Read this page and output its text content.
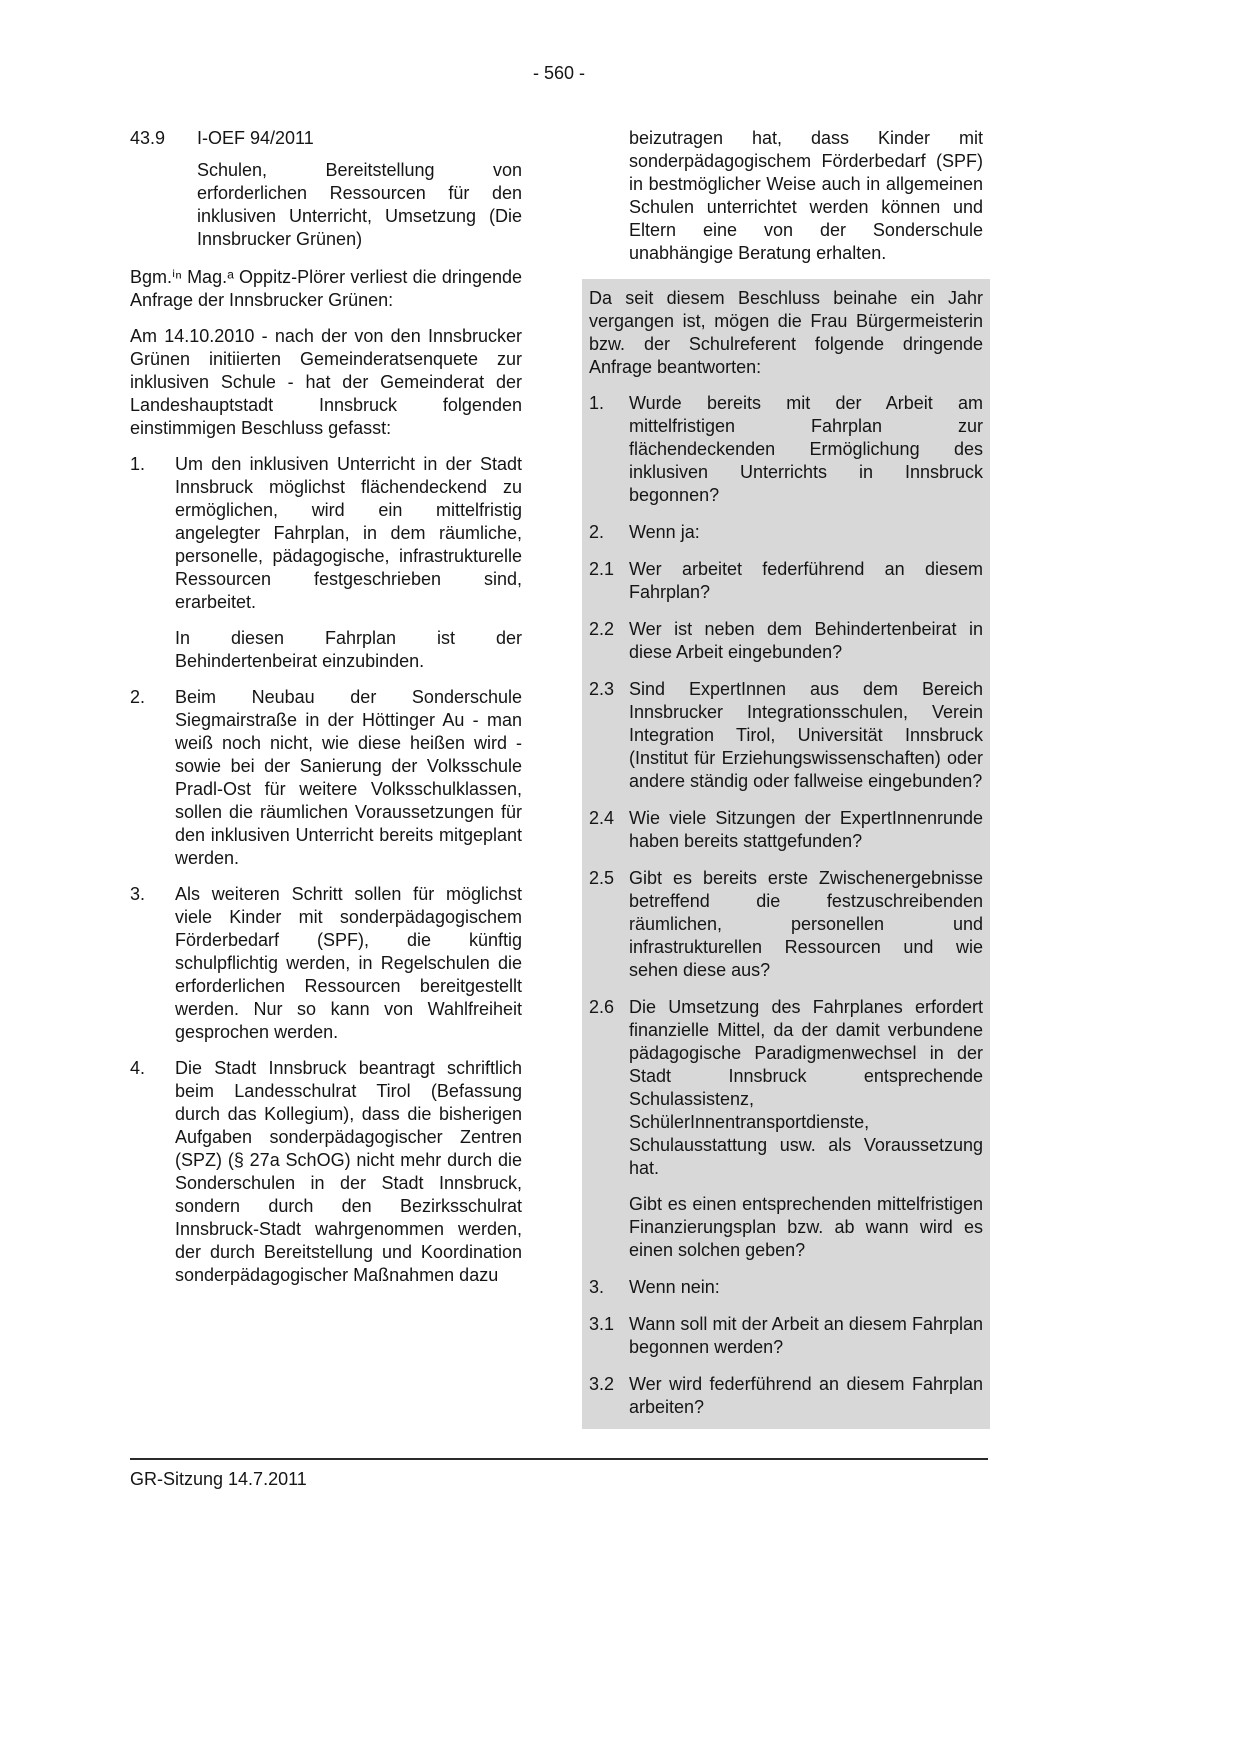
- 560 -
43.9	I-OEF 94/2011

Schulen, Bereitstellung von erforderlichen Ressourcen für den inklusiven Unterricht, Umsetzung (Die Innsbrucker Grünen)

Bgm.ⁱⁿ Mag.ᵃ Oppitz-Plörer verliest die dringende Anfrage der Innsbrucker Grünen:

Am 14.10.2010 - nach der von den Innsbrucker Grünen initiierten Gemeinderatsenquete zur inklusiven Schule - hat der Gemeinderat der Landeshauptstadt Innsbruck folgenden einstimmigen Beschluss gefasst:

1.	Um den inklusiven Unterricht in der Stadt Innsbruck möglichst flächendeckend zu ermöglichen, wird ein mittelfristig angelegter Fahrplan, in dem räumliche, personelle, pädagogische, infrastrukturelle Ressourcen festgeschrieben sind, erarbeitet.

In diesen Fahrplan ist der Behindertenbeirat einzubinden.

2.	Beim Neubau der Sonderschule Siegmairstraße in der Höttinger Au - man weiß noch nicht, wie diese heißen wird - sowie bei der Sanierung der Volksschule Pradl-Ost für weitere Volksschulklassen, sollen die räumlichen Voraussetzungen für den inklusiven Unterricht bereits mitgeplant werden.

3.	Als weiteren Schritt sollen für möglichst viele Kinder mit sonderpädagogischem Förderbedarf (SPF), die künftig schulpflichtig werden, in Regelschulen die erforderlichen Ressourcen bereitgestellt werden. Nur so kann von Wahlfreiheit gesprochen werden.

4.	Die Stadt Innsbruck beantragt schriftlich beim Landesschulrat Tirol (Befassung durch das Kollegium), dass die bisherigen Aufgaben sonderpädagogischer Zentren (SPZ) (§ 27a SchOG) nicht mehr durch die Sonderschulen in der Stadt Innsbruck, sondern durch den Bezirksschulrat Innsbruck-Stadt wahrgenommen werden, der durch Bereitstellung und Koordination sonderpädagogischer Maßnahmen dazu

beizutragen hat, dass Kinder mit sonderpädagogischem Förderbedarf (SPF) in bestmöglicher Weise auch in allgemeinen Schulen unterrichtet werden können und Eltern eine von der Sonderschule unabhängige Beratung erhalten.

Da seit diesem Beschluss beinahe ein Jahr vergangen ist, mögen die Frau Bürgermeisterin bzw. der Schulreferent folgende dringende Anfrage beantworten:

1.	Wurde bereits mit der Arbeit am mittelfristigen Fahrplan zur flächendeckenden Ermöglichung des inklusiven Unterrichts in Innsbruck begonnen?

2.	Wenn ja:

2.1 Wer arbeitet federführend an diesem Fahrplan?

2.2 Wer ist neben dem Behindertenbeirat in diese Arbeit eingebunden?

2.3 Sind ExpertInnen aus dem Bereich Innsbrucker Integrationsschulen, Verein Integration Tirol, Universität Innsbruck (Institut für Erziehungswissenschaften) oder andere ständig oder fallweise eingebunden?

2.4 Wie viele Sitzungen der ExpertInnenrunde haben bereits stattgefunden?

2.5 Gibt es bereits erste Zwischenergebnisse betreffend die festzuschreibenden räumlichen, personellen und infrastrukturellen Ressourcen und wie sehen diese aus?

2.6 Die Umsetzung des Fahrplanes erfordert finanzielle Mittel, da der damit verbundene pädagogische Paradigmenwechsel in der Stadt Innsbruck entsprechende Schulassistenz, SchülerInnentransportdienste, Schulausstattung usw. als Voraussetzung hat.

Gibt es einen entsprechenden mittelfristigen Finanzierungsplan bzw. ab wann wird es einen solchen geben?

3.	Wenn nein:

3.1 Wann soll mit der Arbeit an diesem Fahrplan begonnen werden?

3.2 Wer wird federführend an diesem Fahrplan arbeiten?

GR-Sitzung 14.7.2011
